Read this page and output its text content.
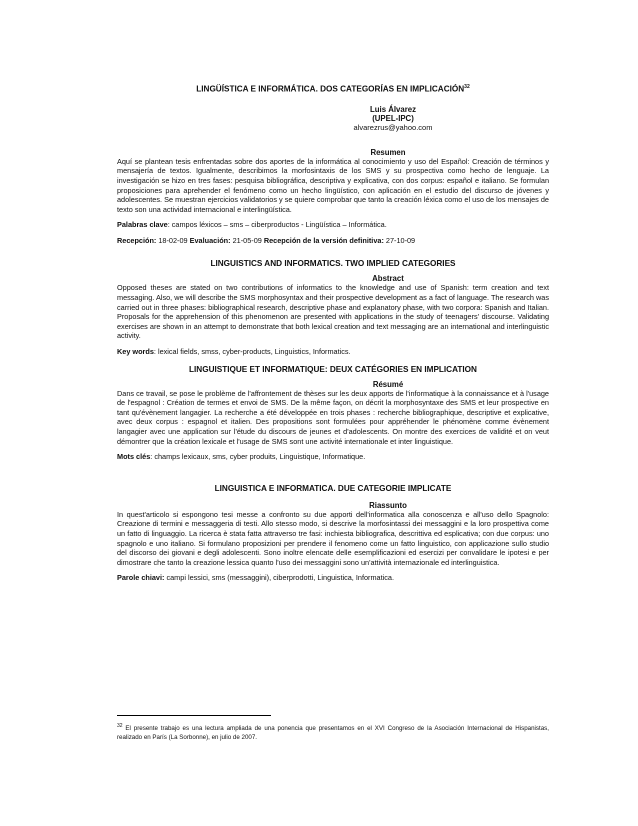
LINGÜÍSTICA E INFORMÁTICA. DOS CATEGORÍAS EN IMPLICACIÓN$^{32}$
Luis Álvarez
(UPEL-IPC)
alvarezrus@yahoo.com
Resumen
Aquí se plantean tesis enfrentadas sobre dos aportes de la informática al conocimiento y uso del Español: Creación de términos y mensajería de textos. Igualmente, describimos la morfosintaxis de los SMS y su prospectiva como hecho de lenguaje. La investigación se hizo en tres fases: pesquisa bibliográfica, descriptiva y explicativa, con dos corpus: español e italiano. Se formulan proposiciones para aprehender el fenómeno como un hecho lingüístico, con aplicación en el estudio del discurso de jóvenes y adolescentes. Se muestran ejercicios validatorios y se quiere comprobar que tanto la creación léxica como el uso de los mensajes de texto son una actividad internacional e interlingüística.
Palabras clave: campos léxicos – sms – ciberproductos - Lingüística – Informática.
Recepción: 18-02-09 Evaluación: 21-05-09 Recepción de la versión definitiva: 27-10-09
LINGUISTICS AND INFORMATICS. TWO IMPLIED CATEGORIES
Abstract
Opposed theses are stated on two contributions of informatics to the knowledge and use of Spanish: term creation and text messaging. Also, we will describe the SMS morphosyntax and their prospective development as a fact of language. The research was carried out in three phases: bibliographical research, descriptive phase and explanatory phase, with two corpora: Spanish and Italian. Proposals for the apprehension of this phenomenon are presented with applications in the study of teenagers' discourse. Validating exercises are shown in an attempt to demonstrate that both lexical creation and text messaging are an international and interlinguistic activity.
Key words: lexical fields, smss, cyber-products, Linguistics, Informatics.
LINGUISTIQUE ET INFORMATIQUE: DEUX CATÉGORIES EN IMPLICATION
Résumé
Dans ce travail, se pose le problème de l'affrontement de thèses sur les deux apports de l'informatique à la connaissance et à l'usage de l'espagnol : Création de termes et envoi de SMS. De la même façon, on décrit la morphosyntaxe des SMS et leur prospective en tant qu'évènement langagier. La recherche a été développée en trois phases : recherche bibliographique, descriptive et explicative, avec deux corpus : espagnol et italien. Des propositions sont formulées pour appréhender le phénomène comme évènement langagier avec une application sur l'étude du discours de jeunes et d'adolescents. On montre des exercices de validité et on veut démontrer que la création lexicale et l'usage de SMS sont une activité internationale et inter linguistique.
Mots clés: champs lexicaux, sms, cyber produits, Linguistique, Informatique.
LINGUISTICA E INFORMATICA. DUE CATEGORIE IMPLICATE
Riassunto
In quest'articolo si espongono tesi messe a confronto su due apporti dell'informatica alla conoscenza e all'uso dello Spagnolo: Creazione di termini e messaggeria di testi. Allo stesso modo, si descrive la morfosintassi dei messaggini e la loro prospettiva come un fatto di linguaggio. La ricerca è stata fatta attraverso tre fasi: inchiesta bibliografica, descrittiva ed esplicativa; con due corpus: uno spagnolo e uno italiano. Si formulano proposizioni per prendere il fenomeno come un fatto linguistico, con applicazione sullo studio del discorso dei giovani e degli adolescenti. Sono inoltre elencate delle esemplificazioni ed esercizi per convalidare le ipotesi e per dimostrare che tanto la creazione lessica quanto l'uso dei messaggini sono un'attività internazionale ed interlinguistica.
Parole chiavi: campi lessici, sms (messaggini), ciberprodotti, Linguistica, Informatica.
$^{32}$ El presente trabajo es una lectura ampliada de una ponencia que presentamos en el XVI Congreso de la Asociación Internacional de Hispanistas, realizado en París (La Sorbonne), en julio de 2007.
